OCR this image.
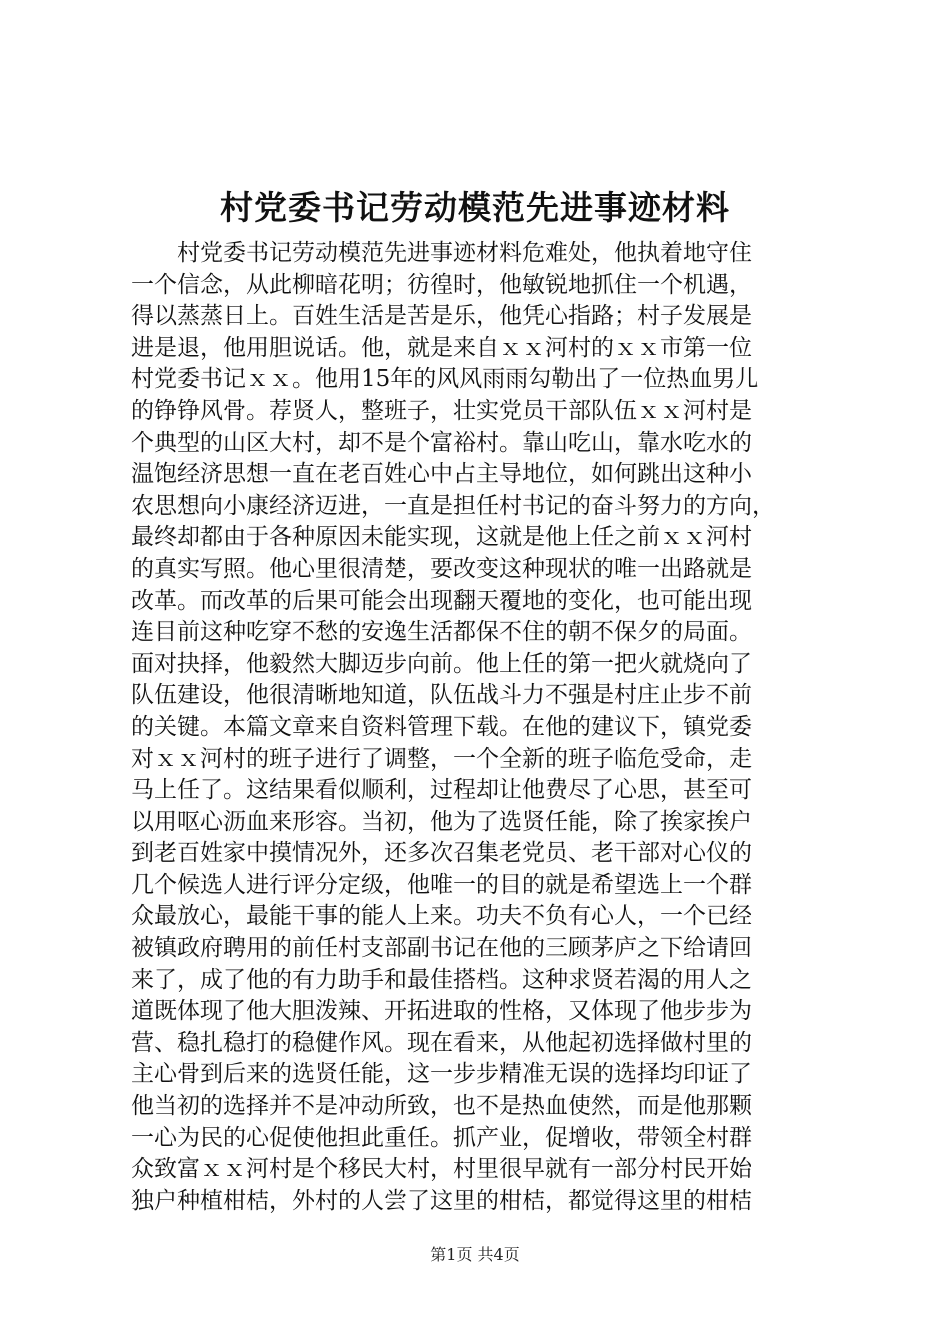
村党委书记劳动模范先进事迹材料
村党委书记劳动模范先进事迹材料危难处，他执着地守住
一个信念，从此柳暗花明；彷徨时，他敏锐地抓住一个机遇，
得以蒸蒸日上。百姓生活是苦是乐，他凭心指路；村子发展是
进是退，他用胆说话。他，就是来自ｘｘ河村的ｘｘ市第一位
村党委书记ｘｘ。他用15年的风风雨雨勾勒出了一位热血男儿
的铮铮风骨。荐贤人，整班子，壮实党员干部队伍ｘｘ河村是
个典型的山区大村，却不是个富裕村。靠山吃山，靠水吃水的
温饱经济思想一直在老百姓心中占主导地位，如何跳出这种小
农思想向小康经济迈进，一直是担任村书记的奋斗努力的方向，
最终却都由于各种原因未能实现，这就是他上任之前ｘｘ河村
的真实写照。他心里很清楚，要改变这种现状的唯一出路就是
改革。而改革的后果可能会出现翻天覆地的变化，也可能出现
连目前这种吃穿不愁的安逸生活都保不住的朝不保夕的局面。
面对抉择，他毅然大脚迈步向前。他上任的第一把火就烧向了
队伍建设，他很清晰地知道，队伍战斗力不强是村庄止步不前
的关键。本篇文章来自资料管理下载。在他的建议下，镇党委
对ｘｘ河村的班子进行了调整，一个全新的班子临危受命，走
马上任了。这结果看似顺利，过程却让他费尽了心思，甚至可
以用呕心沥血来形容。当初，他为了选贤任能，除了挨家挨户
到老百姓家中摸情况外，还多次召集老党员、老干部对心仪的
几个候选人进行评分定级，他唯一的目的就是希望选上一个群
众最放心，最能干事的能人上来。功夫不负有心人，一个已经
被镇政府聘用的前任村支部副书记在他的三顾茅庐之下给请回
来了，成了他的有力助手和最佳搭档。这种求贤若渴的用人之
道既体现了他大胆泼辣、开拓进取的性格，又体现了他步步为
营、稳扎稳打的稳健作风。现在看来，从他起初选择做村里的
主心骨到后来的选贤任能，这一步步精准无误的选择均印证了
他当初的选择并不是冲动所致，也不是热血使然，而是他那颗
一心为民的心促使他担此重任。抓产业，促增收，带领全村群
众致富ｘｘ河村是个移民大村，村里很早就有一部分村民开始
独户种植柑桔，外村的人尝了这里的柑桔，都觉得这里的柑桔
第1页 共4页
